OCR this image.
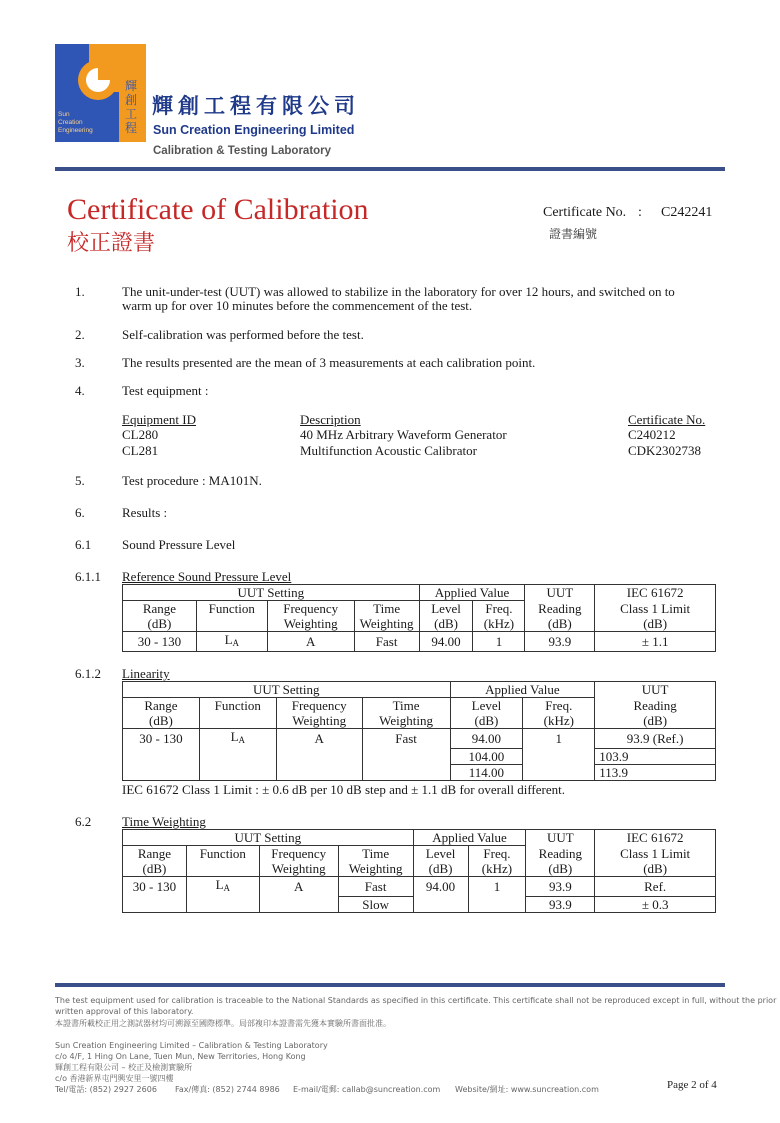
Sun
Creation
Engineering
輝
創
工
程
輝創工程有限公司
Sun Creation Engineering Limited
Calibration & Testing Laboratory
Certificate of Calibration
校正證書
Certificate No. : C242241
證書編號
1.	The unit-under-test (UUT) was allowed to stabilize in the laboratory for over 12 hours, and switched on to
warm up for over 10 minutes before the commencement of the test.
2.	Self-calibration was performed before the test.
3.	The results presented are the mean of 3 measurements at each calibration point.
4.	Test equipment :
Equipment ID	Description	Certificate No.
CL280	40 MHz Arbitrary Waveform Generator	C240212
CL281	Multifunction Acoustic Calibrator	CDK2302738
5.	Test procedure : MA101N.
6.	Results :
6.1 Sound Pressure Level
6.1.1 Reference Sound Pressure Level
UUT Setting				Applied Value		UUT	IEC 61672
Range	Function	Frequency	Time	Level	Freq.	Reading	Class 1 Limit
(dB)		Weighting	Weighting	(dB)	(kHz)	(dB)	(dB)
30 - 130	$L_A$	A	Fast	94.00	1	93.9	± 1.1
6.1.2 Linearity
UUT Setting				Applied Value		UUT
Range	Function	Frequency	Time	Level	Freq.	Reading
(dB)		Weighting	Weighting	(dB)	(kHz)	(dB)
30 - 130	$L_A$	A	Fast	94.00	1	93.9 (Ref.)
				104.00		103.9
				114.00		113.9
IEC 61672 Class 1 Limit : ± 0.6 dB per 10 dB step and ± 1.1 dB for overall different.
6.2 Time Weighting
UUT Setting				Applied Value		UUT	IEC 61672
Range	Function	Frequency	Time	Level	Freq.	Reading	Class 1 Limit
(dB)		Weighting	Weighting	(dB)	(kHz)	(dB)	(dB)
30 - 130	$L_A$	A	Fast	94.00	1	93.9	Ref.
			Slow			93.9	± 0.3
The test equipment used for calibration is traceable to the National Standards as specified in this certificate. This certificate shall not be reproduced except in full, without the prior
written approval of this laboratory.
本證書所載校正用之測試器材均可溯源至國際標準。局部複印本證書需先獲本實驗所書面批准。
Sun Creation Engineering Limited – Calibration & Testing Laboratory
c/o 4/F, 1 Hing On Lane, Tuen Mun, New Territories, Hong Kong
輝創工程有限公司 – 校正及檢測實驗所
c/o 香港新界屯門興安里一號四樓
Tel/電話: (852) 2927 2606 Fax/傳真: (852) 2744 8986 E-mail/電郵: callab@suncreation.com Website/網址: www.suncreation.com	Page 2 of 4
